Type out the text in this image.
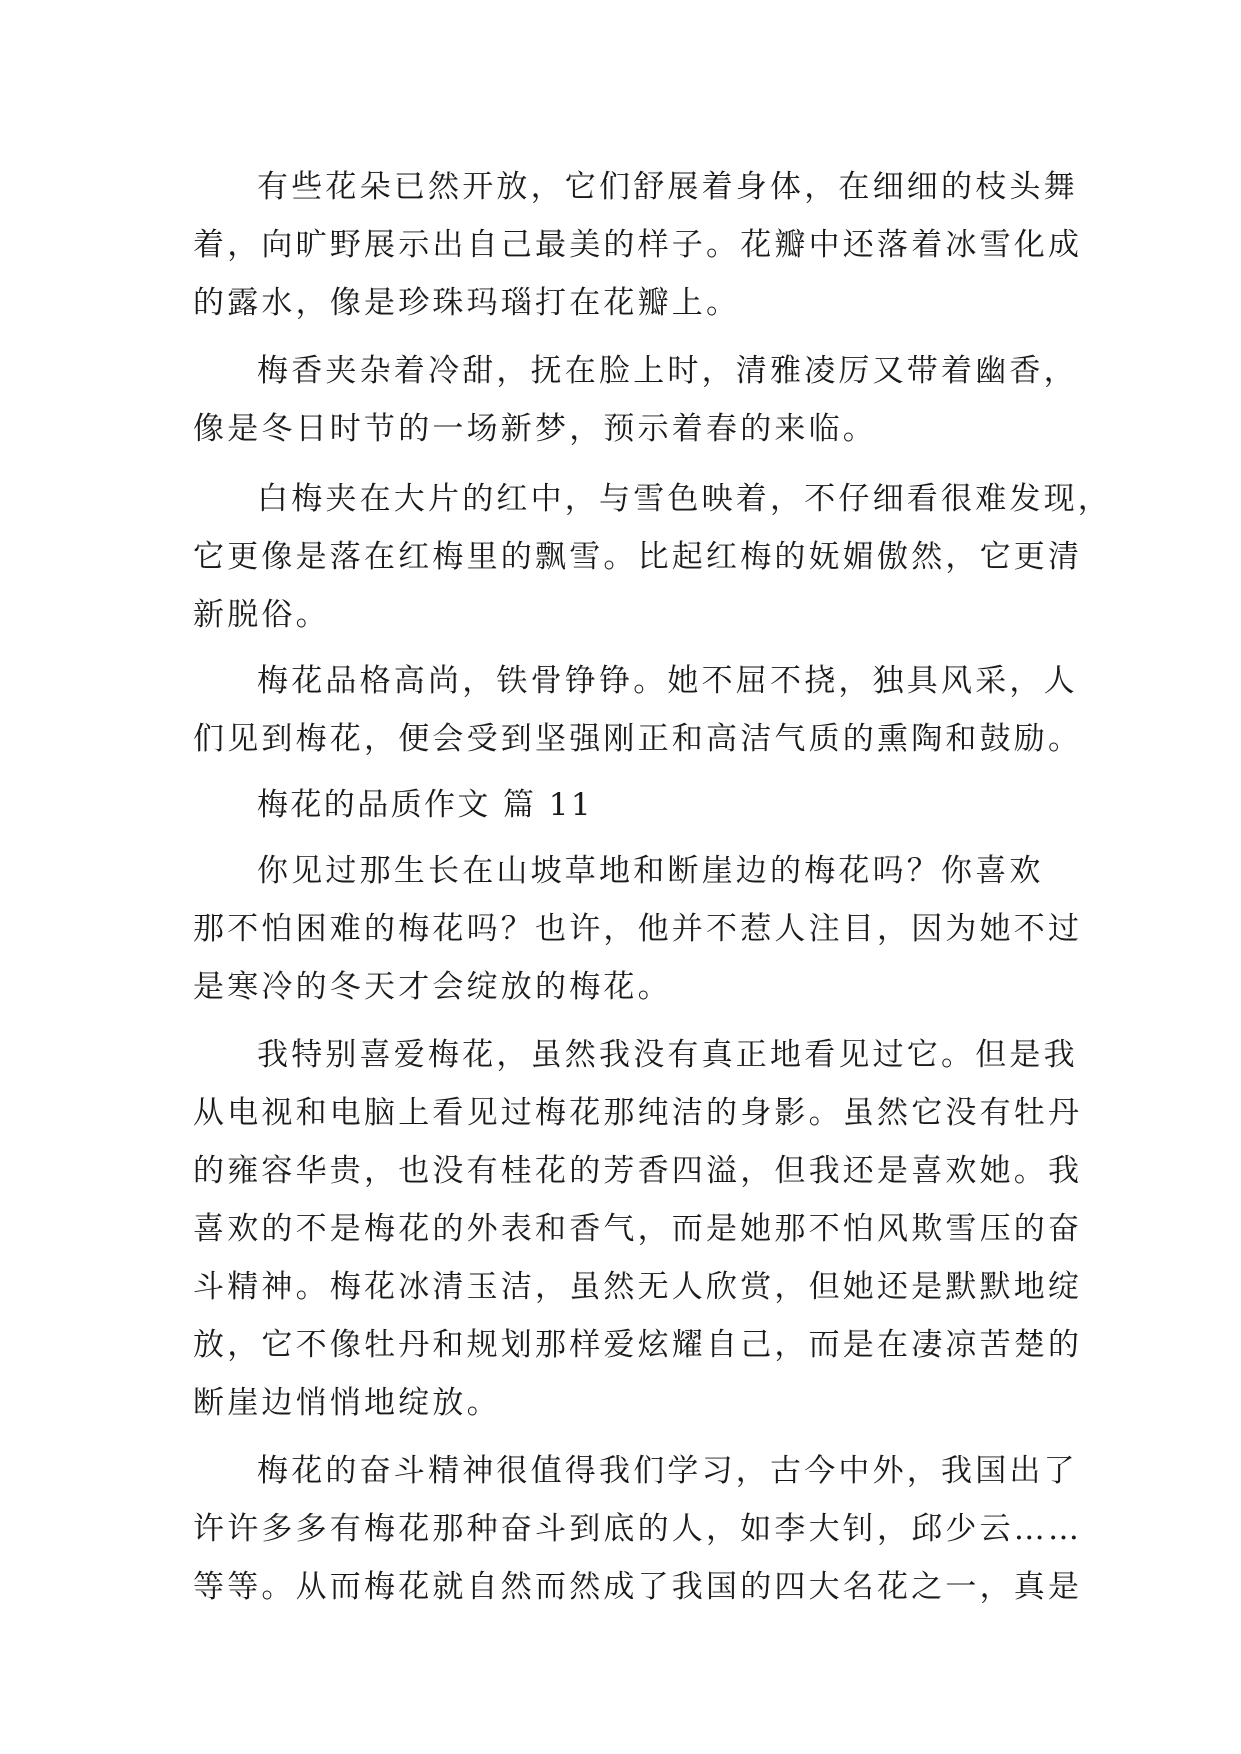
有些花朵已然开放，它们舒展着身体，在细细的枝头舞
着，向旷野展示出自己最美的样子。花瓣中还落着冰雪化成
的露水，像是珍珠玛瑙打在花瓣上。
梅香夹杂着冷甜，抚在脸上时，清雅凌厉又带着幽香，
像是冬日时节的一场新梦，预示着春的来临。
白梅夹在大片的红中，与雪色映着，不仔细看很难发现，
它更像是落在红梅里的飘雪。比起红梅的妩媚傲然，它更清
新脱俗。
梅花品格高尚，铁骨铮铮。她不屈不挠，独具风采，人
们见到梅花，便会受到坚强刚正和高洁气质的熏陶和鼓励。
梅花的品质作文 篇 11
你见过那生长在山坡草地和断崖边的梅花吗？你喜欢
那不怕困难的梅花吗？也许，他并不惹人注目，因为她不过
是寒冷的冬天才会绽放的梅花。
我特别喜爱梅花，虽然我没有真正地看见过它。但是我
从电视和电脑上看见过梅花那纯洁的身影。虽然它没有牡丹
的雍容华贵，也没有桂花的芳香四溢，但我还是喜欢她。我
喜欢的不是梅花的外表和香气，而是她那不怕风欺雪压的奋
斗精神。梅花冰清玉洁，虽然无人欣赏，但她还是默默地绽
放，它不像牡丹和规划那样爱炫耀自己，而是在凄凉苦楚的
断崖边悄悄地绽放。
梅花的奋斗精神很值得我们学习，古今中外，我国出了
许许多多有梅花那种奋斗到底的人，如李大钊，邱少云……
等等。从而梅花就自然而然成了我国的四大名花之一，真是
